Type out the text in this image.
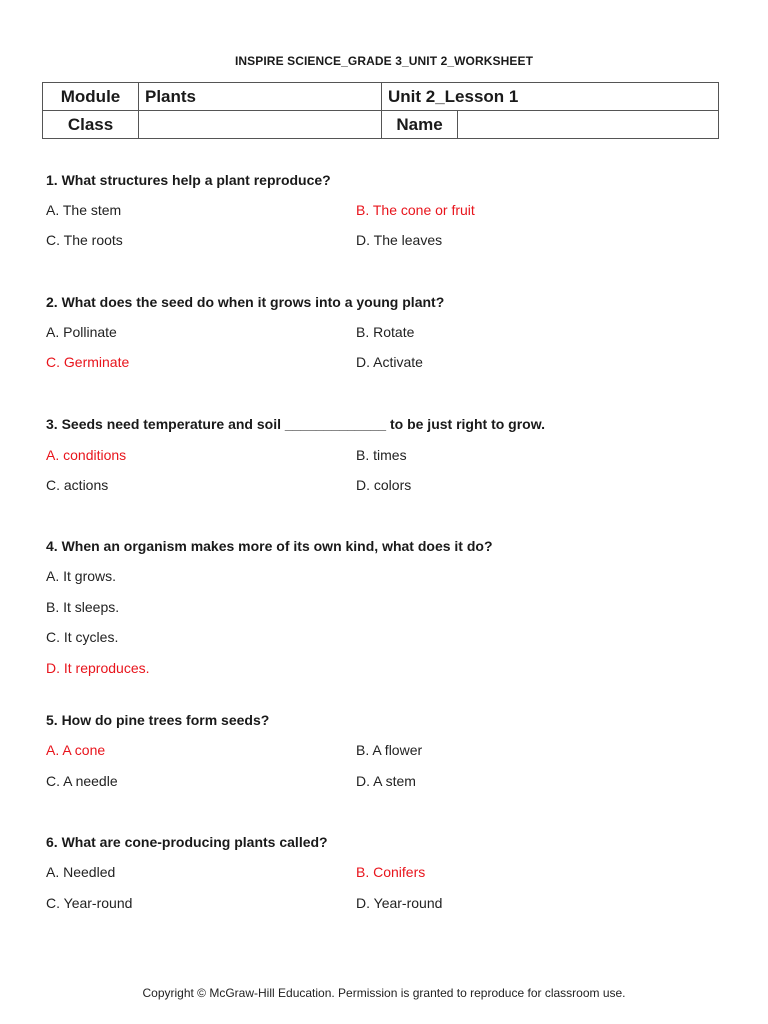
INSPIRE SCIENCE_GRADE 3_UNIT 2_WORKSHEET
Module	Plants	Unit 2_Lesson 1	
Class		Name	
1. What structures help a plant reproduce?
A. The stem	B. The cone or fruit
C. The roots	D. The leaves
2. What does the seed do when it grows into a young plant?
A. Pollinate	B. Rotate
C. Germinate	D. Activate
3. Seeds need temperature and soil _____________ to be just right to grow.
A. conditions	B. times
C. actions	D. colors
4. When an organism makes more of its own kind, what does it do?
A. It grows.
B. It sleeps.
C. It cycles.
D. It reproduces.
5. How do pine trees form seeds?
A. A cone	B. A flower
C. A needle	D. A stem
6. What are cone-producing plants called?
A. Needled	B. Conifers
C. Year-round	D. Year-round
Copyright © McGraw-Hill Education. Permission is granted to reproduce for classroom use.
